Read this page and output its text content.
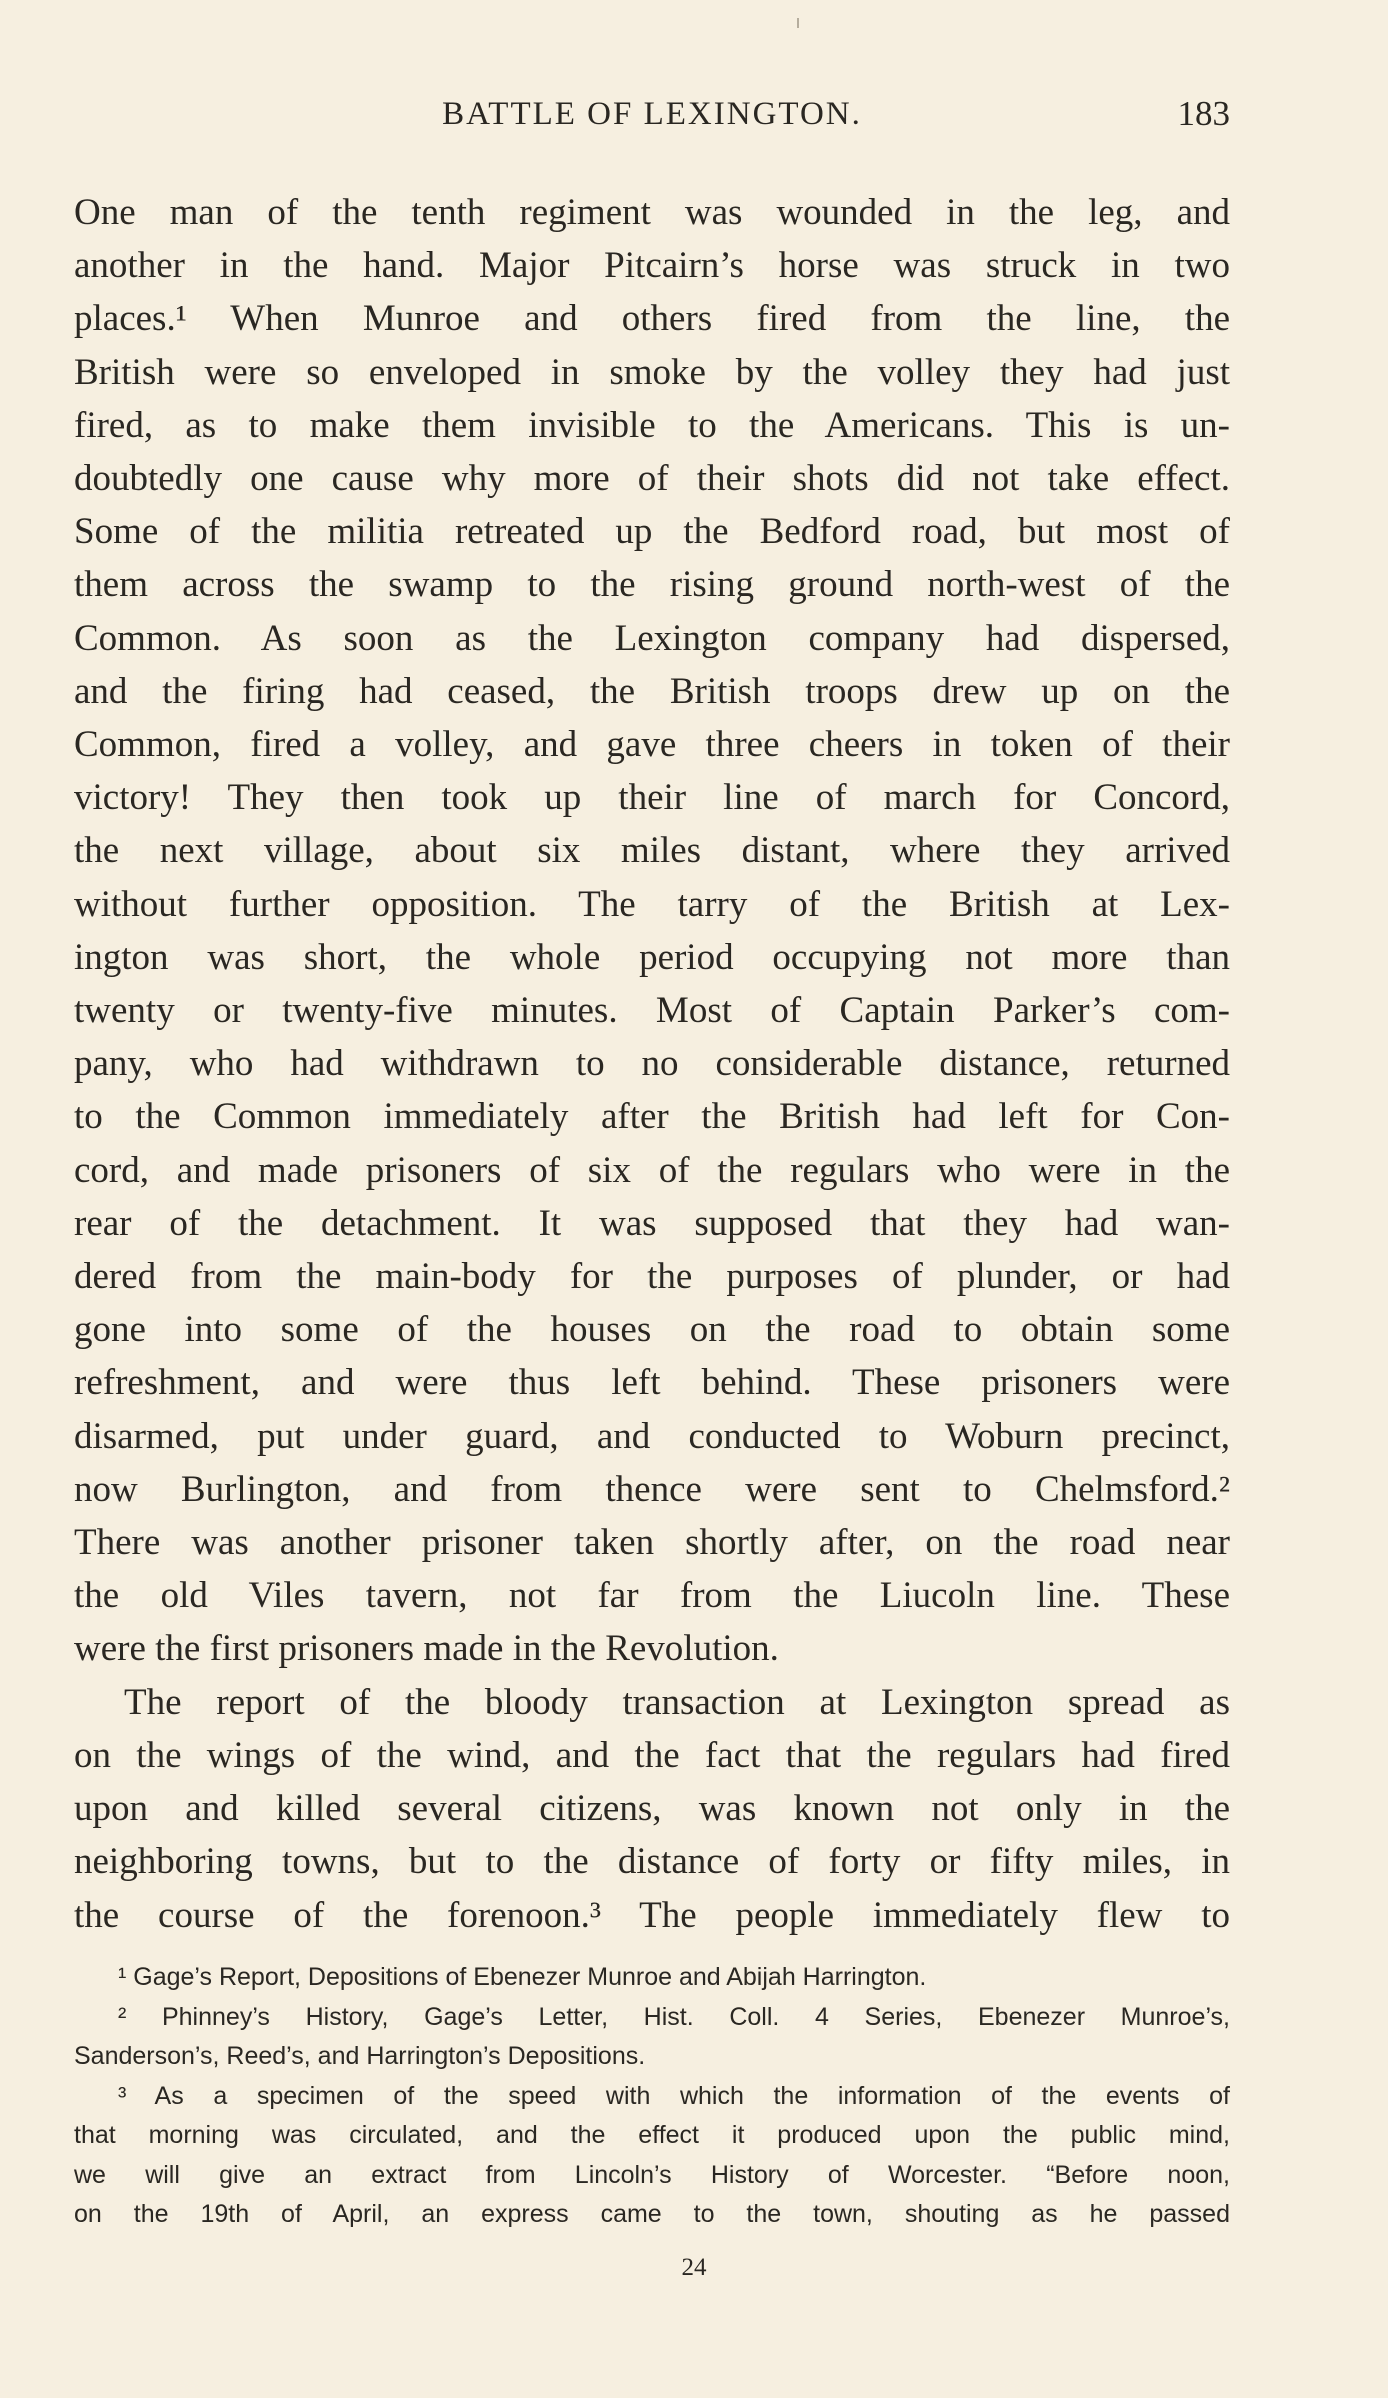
BATTLE OF LEXINGTON.	183
One man of the tenth regiment was wounded in the leg, and
another in the hand. Major Pitcairn’s horse was struck in two
places.¹ When Munroe and others fired from the line, the
British were so enveloped in smoke by the volley they had just
fired, as to make them invisible to the Americans. This is un-
doubtedly one cause why more of their shots did not take effect.
Some of the militia retreated up the Bedford road, but most of
them across the swamp to the rising ground north-west of the
Common. As soon as the Lexington company had dispersed,
and the firing had ceased, the British troops drew up on the
Common, fired a volley, and gave three cheers in token of their
victory! They then took up their line of march for Concord,
the next village, about six miles distant, where they arrived
without further opposition. The tarry of the British at Lex-
ington was short, the whole period occupying not more than
twenty or twenty-five minutes. Most of Captain Parker’s com-
pany, who had withdrawn to no considerable distance, returned
to the Common immediately after the British had left for Con-
cord, and made prisoners of six of the regulars who were in the
rear of the detachment. It was supposed that they had wan-
dered from the main-body for the purposes of plunder, or had
gone into some of the houses on the road to obtain some
refreshment, and were thus left behind. These prisoners were
disarmed, put under guard, and conducted to Woburn precinct,
now Burlington, and from thence were sent to Chelmsford.²
There was another prisoner taken shortly after, on the road near
the old Viles tavern, not far from the Liucoln line. These
were the first prisoners made in the Revolution.
The report of the bloody transaction at Lexington spread as
on the wings of the wind, and the fact that the regulars had fired
upon and killed several citizens, was known not only in the
neighboring towns, but to the distance of forty or fifty miles, in
the course of the forenoon.³ The people immediately flew to
¹ Gage’s Report, Depositions of Ebenezer Munroe and Abijah Harrington.
² Phinney’s History, Gage’s Letter, Hist. Coll. 4 Series, Ebenezer Munroe’s,
Sanderson’s, Reed’s, and Harrington’s Depositions.
³ As a specimen of the speed with which the information of the events of
that morning was circulated, and the effect it produced upon the public mind,
we will give an extract from Lincoln’s History of Worcester. “Before noon,
on the 19th of April, an express came to the town, shouting as he passed
24
